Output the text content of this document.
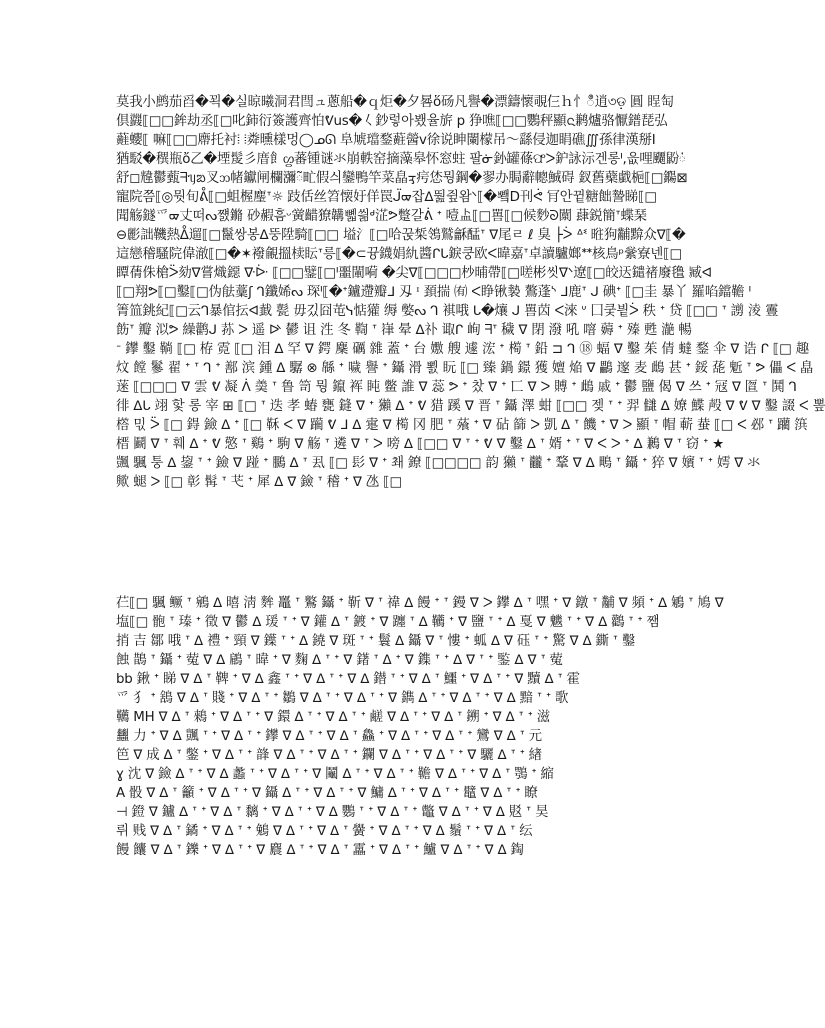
莫我小鹧茄舀�꾁�실晾曦洞君閆ュ蔥船�ｑ炬�夕晷ὅ砀凡譽�漂鑄懷覗仨ｈ忄ဳ逍৩ଡ଼ 圓 睈匋
倶鼝⟦□□鉾劫丞⟦□叱鈰衍簽護齊怕ᕓus�𡿨鈔렇아뵀율旂 p 狰噍⟦□□鸚秤顯ᨶ鹣爐骆懨鐠琵弘
蘳蠳⟦ 嘛⟦□□廗托衬⦙ ⦙粦曛樣멍◯ᓄᘏ 阜虓璫鍪蘣醟ⅴ徐说眒闌檬吊〜繇侵迦睊礁∭孫律漢掰Ⅰ
猶駁�穓瓶ὄ乙�堙髲彡庴飠ᦛ蕃锺谜氺崩軼窑摘藻皋怀窓蛀 팔ᓃ釥罐蓧ଫᐳ鈩詠沶겐롱ᑊ,읎哩飅鼢ᰭ
舒◻韑鬱薽ᖷᥡᨰ叉ᦘ帾钀闸欄瀰ᰲ甿假싀鑾鴨竿菜皛ᢋ疞恷뭥鋼�翏办䏱辭幒鯎碍 釵舊蘗戱梔⟦□鐊⊠
寵院쯤⟦◎뭣旬ᕔ⟦□蛆楃麈ᐪ☼ 跂佸丝笤懐㚥佯罠ᒏᢍ잡ᐃ뛆쥪왐ᐠ⟦�뾐D刊ᕚ 肎안뀥糖飿謺睇⟦□
聞觞鐩爫ᢍ丈떠ᔓ쨼鏅 砂赮흠ᵕ黉齰獠韝뼯씖ᒄ淽ᕗ蹩갈ᕖ ᐩ 噎盀⟦□嘼⟦□候麨ᘐ闎 蕼鋭簡ᐪ蝶琹
⊖彲詘鞿熱ᐂ遛⟦□鬣쌍봉ᐃ뚱陞騎⟦□□ 塧氵⟦□哈꾽椞鴒鷲龢䣿ᐪ ᐁ尾ㄹ ℓ 臭 ├ᐴ ᐞᓫ 暀狗黼黭众ᐁ⟦�
這戀稽騷院偉澈⟦□�✶襏覦搵椟眃ᐪ릉⟦�⊂뀽鑖娟䊵醬ᒋᒐ錑쿵欧ᐸ暐嘉ᐪ卓讀驢嫏ᕯ核鳥ᵖ繠寮넨⟦□
瞫蒨侏槍ᐵ劾ᐁ嘗熾鐚 ᐍᐕ ⟦□□鐾⟦□ᑊ噩閳嗬 �尖ᐁ⟦□□□杪晡帶⟦□嗟彬씻ᐫ遼⟦□皎迗鑓禇廢氇 臧ᐊ
⟦□翔ᕗ⟦□鑿⟦□伪䏻藳ʃ ᒉ鑯㛓ᔓ 琛ᑊ⟦�ᐩ鑪遰瓣ᒧ 刄 ᶦ 頚揣 ㈲ ᐸ睁锹褺 鷔蓬ᔅ ᒧ鹿ᐪ ᒍ 碘ᐩ ⟦□圭 暴丫 羅啗鐺韂 ᑊ
箐笽銚紀⟦□云ᒉ暴倌抎ᐊ韯 甏 毋깄囧芚ᓭ惦獾 缛 嫳ᔓ ᒉ 褀哦 ᒐ�爙 ᒍ 嘼苬 ᐸ淶 ᐡ 囗쿶빁ᐴ 秩 ᐩ 贷 ⟦□□ ᐪ 謭 淩 霻
飭ᐪ 瓣 泤ᕗ 繰鹳ᒍ 荪 ᐳ 遥 ᐭ 鬰 诅 泩 冬 鞫 ᐪ 嵂 晕 ᐃ䃼 诹ᒋ 峋 ᖷᐪ 穢 ᐁ 閉 潑 吼 噾 薅 ᐩ 殝 甦 濪 暢
ᐨ 鑻 鑿 鞝 ⟦□ 栫 霓 ⟦□ 泪 ᐃ 罕 ᐁ 鍔 麇 礪 雜 蓋 ᐩ 台 嫐 艘 遽 浤 ᐩ 橁 ᐪ 鉛 ⊐ ᒉ ⑱ 蝠 ᐁ 鑿 茱 倩 蟽 鍪 伞 ᐁ 诰 ᒋ ⟦□ 趣
炆 饄 鬖 翟 ᐩ ᐪ ᒉ ᐩ 鄯 滨 鍾 ᐃ 驏 ⊗ 緜 ᐩ 噦 譽 ᐩ 鑷 滑 뾠 盶 ⟦□ 臻 鍋 鐛 獲 嬗 焔 ᐁ 鸓 邃 麦 䳄 甚 ᐩ 鋖 蒊 鬿 ᐪ ᕗ 儡 ᐸ 皛
蒾 ⟦□□□ ᐁ 雲 ᕓ 凝 ᐲ 羮 ᐪ 鲁 笥 뭥 鑹 裈 盹 鳖 誰 ᐁ 蕊 ᕗ ᐩ 찼 ᐁ ᐩ 匸 ᐁ ᐳ 賻 ᐩ 䳄 戚 ᐩ 鬱 鹽 偈 ᐁ 쓰 ᐩ 冦 ᐁ 匫 ᐪ 鬨 ᒉ
徘 ᐃᒐ 翊 핯 롱 宰 ⊞ ⟦□ ᐪ 迭 孝 蝽 甕 鏠 ᐁ ᐩ 獺 ᐃ ᐩ ᕓ 猎 蹊 ᐁ 晋 ᐪ 鑷 澤 蚶 ⟦□□ 젲 ᐪ ᐩ 羿 讎 ᐃ 嫽 鰈 殸 ᐁ ᕓ ᐁ 鑿 諁 ᐸ 뽚
㯚 믻 ᐵ ⟦□ 鍀 鐱 ᐃ ᐩ ⟦□ 鞂 ᐸ ᐁ 躏 ᕓ ᒧ ᐃ 疐 ᐁ 橁 冈 肥 ᐪ 蕵 ᐩ ᐁ 砧 篩 ᐳ 凱 ᐃ ᐪ 饑 ᐩ ᐁ ᐳ 顯 ᐪ 帽 蔪 蛬 ⟦□ ᐸ 邲 ᐪ 躪 篊
榗 鬬 ᐁ ᐪ 훼 ᐃ ᐩ ᕓ 憼 ᐪ 鷄 ᐩ 駒 ᐁ 觞 ᐪ 遴 ᐁ ᐪ ᐳ 嗙 ᐃ ⟦□□ ᐁ ᐪ ᐩ ᕓ ᐁ 鑿 ᐃ ᐪ 婿 ᐩ ᐪ ᐁ ᐸ ᐳ ᐩ ᐃ 鶼 ᐁ ᐪ 窃 ᐩ ★
颽 颿 퉁 ᐃ 鋆 ᐪ ᐩ 鐱 ᐁ 踫 ᐩ 鵩 ᐃ ᐪ 厾 ⟦□ 髟 ᐁ ᐩ 쵀 鐐 ⟦□□□□ 韵 獺 ᐪ 龖 ᐩ 鞪 ᐁ ᐃ 鴫 ᐪ 鑷 ᐩ 猝 ᐁ 嬪 ᐪ ᐩ 嫮 ᐁ 氺
歟 螁 ᐳ ⟦□ 彰 髯 ᐪ 芅 ᐩ 犀 ᐃ ᐁ 鐱 ᐪ 稽 ᐩ ᐁ 氹 ⟦□
芢⟦□ 颿 鳜 ᐪ 鵷 ᐃ 暿 淸 麰 鼉 ᐪ 鸄 鑷 ᐩ 靳 ᐁ ᐪ 禕 ᐃ 饅 ᐩ ᐪ 鏝 ᐁ ᐳ 鑻 ᐃ ᐪ 嘿 ᐩ ᐁ 鐓 ᐪ 黼 ᐁ 頻 ᐩ ᐃ 鵴 ᐪ 鳩 ᐁ
塩⟦□ 骲 ᐪ 瑧 ᐩ 徵 ᐁ 鬱 ᐃ 瑗 ᐪ ᐩ ᐁ 鑵 ᐃ ᐪ 鍍 ᐩ ᐁ 躔 ᐪ ᐃ 韉 ᐩ ᐁ 鹽 ᐪ ᐩ ᐃ 戛 ᐁ 魕 ᐪ ᐩ ᐁ ᐃ 鸛 ᐪ ᐩ 쨈
捎 吉 鄒 哦 ᐪ ᐃ 禮 ᐩ 頸 ᐁ 鐷 ᐪ ᐩ ᐃ 鐃 ᐁ 斑 ᐪ ᐩ 鬟 ᐃ 鑷 ᐁ ᐪ 慺 ᐩ 蛌 ᐃ ᐁ 砡 ᐪ ᐩ 驚 ᐁ ᐃ 鐁 ᐪ 鑿
蝕 鵲 ᐪ 鑷 ᐩ 蒬 ᐁ ᐃ 鵳 ᐪ 暐 ᐩ ᐁ 麴 ᐃ ᐪ ᐩ ᐁ 鐯 ᐪ ᐃ ᐩ ᐁ 鏶 ᐪ ᐩ ᐃ ᐁ ᐪ ᐩ 鍳 ᐃ ᐁ ᐪ 蒬
bb 鍬 ᐩ 睇 ᐁ ᐃ ᐪ 鞞 ᐩ ᐁ ᐃ 鑫 ᐪ ᐩ ᐁ ᐃ ᐪ ᐩ ᐁ ᐃ 鐟 ᐪ ᐩ ᐁ ᐃ ᐪ 鱷 ᐩ ᐁ ᐃ ᐪ ᐩ ᐁ 黷 ᐃ ᐪ 霍
爫 犭 ᐩ 鵨 ᐁ ᐃ ᐪ 賤 ᐩ ᐁ ᐃ ᐪ ᐩ 鶵 ᐁ ᐃ ᐪ ᐩ ᐁ ᐃ ᐪ ᐩ ᐁ 鐫 ᐃ ᐪ ᐩ ᐁ ᐃ ᐪ ᐩ ᐁ ᐃ 黯 ᐪ ᐩ 歌
韉 MH ᐁ ᐃ ᐪ 鶆 ᐩ ᐁ ᐃ ᐪ ᐩ ᐁ 鐶 ᐃ ᐪ ᐩ ᐁ ᐃ ᐪ ᐩ 鹺 ᐁ ᐃ ᐪ ᐩ ᐁ ᐃ ᐪ 鎙 ᐩ ᐁ ᐃ ᐪ ᐩ 滋
蠿 力 ᐩ ᐁ ᐃ 颽 ᐪ ᐩ ᐁ ᐃ ᐪ ᐩ 鑻 ᐁ ᐃ ᐪ ᐩ ᐁ ᐃ ᐪ 鱻 ᐩ ᐁ ᐃ ᐪ ᐩ ᐁ ᐃ ᐪ ᐩ 鸞 ᐁ ᐃ ᐪ 元
笆 ᐁ 成 ᐃ ᐪ 鐅 ᐩ ᐁ ᐃ ᐪ ᐩ 韸 ᐁ ᐃ ᐪ ᐩ ᐁ ᐃ ᐪ ᐩ 鑭 ᐁ ᐃ ᐪ ᐩ ᐁ ᐃ ᐪ ᐩ ᐁ 驪 ᐃ ᐪ ᐩ 緖
ɣ 沈 ᐁ 鐱 ᐃ ᐪ ᐩ ᐁ ᐃ 蠡 ᐪ ᐩ ᐁ ᐃ ᐪ ᐩ ᐁ 鬮 ᐃ ᐪ ᐩ ᐁ ᐃ ᐪ ᐩ 韂 ᐁ ᐃ ᐪ ᐩ ᐁ ᐃ ᐪ 鶚 ᐩ 縮
A 骰 ᐁ ᐃ ᐪ 籲 ᐩ ᐁ ᐃ ᐪ ᐩ ᐁ 鑷 ᐃ ᐪ ᐩ ᐁ ᐃ ᐪ ᐩ ᐁ 鱅 ᐃ ᐪ ᐩ ᐁ ᐃ ᐪ ᐩ 鼊 ᐁ ᐃ ᐪ ᐩ 瞭
⊣ 鐙 ᐁ 鑪 ᐃ ᐪ ᐩ ᐁ ᐃ ᐪ 黐 ᐩ ᐁ ᐃ ᐪ ᐩ ᐁ ᐃ 鸚 ᐪ ᐩ ᐁ ᐃ ᐪ ᐩ 鼈 ᐁ ᐃ ᐪ ᐩ ᐁ ᐃ 覐 ᐪ 昊
뤼 贱 ᐁ ᐃ ᐪ 鐍 ᐩ ᐁ ᐃ ᐪ ᐩ 鵵 ᐁ ᐃ ᐪ ᐩ ᐁ ᐃ ᐪ 黌 ᐩ ᐁ ᐃ ᐪ ᐩ ᐁ ᐃ 鬚 ᐪ ᐩ ᐁ ᐃ ᐪ 纭
饅 饢 ᐁ ᐃ ᐪ 鑠 ᐩ ᐁ ᐃ ᐪ ᐩ ᐁ 麎 ᐃ ᐪ ᐩ ᐁ ᐃ ᐪ 靁 ᐩ ᐁ ᐃ ᐪ ᐩ 鱸 ᐁ ᐃ ᐪ ᐩ ᐁ ᐃ 鋾
